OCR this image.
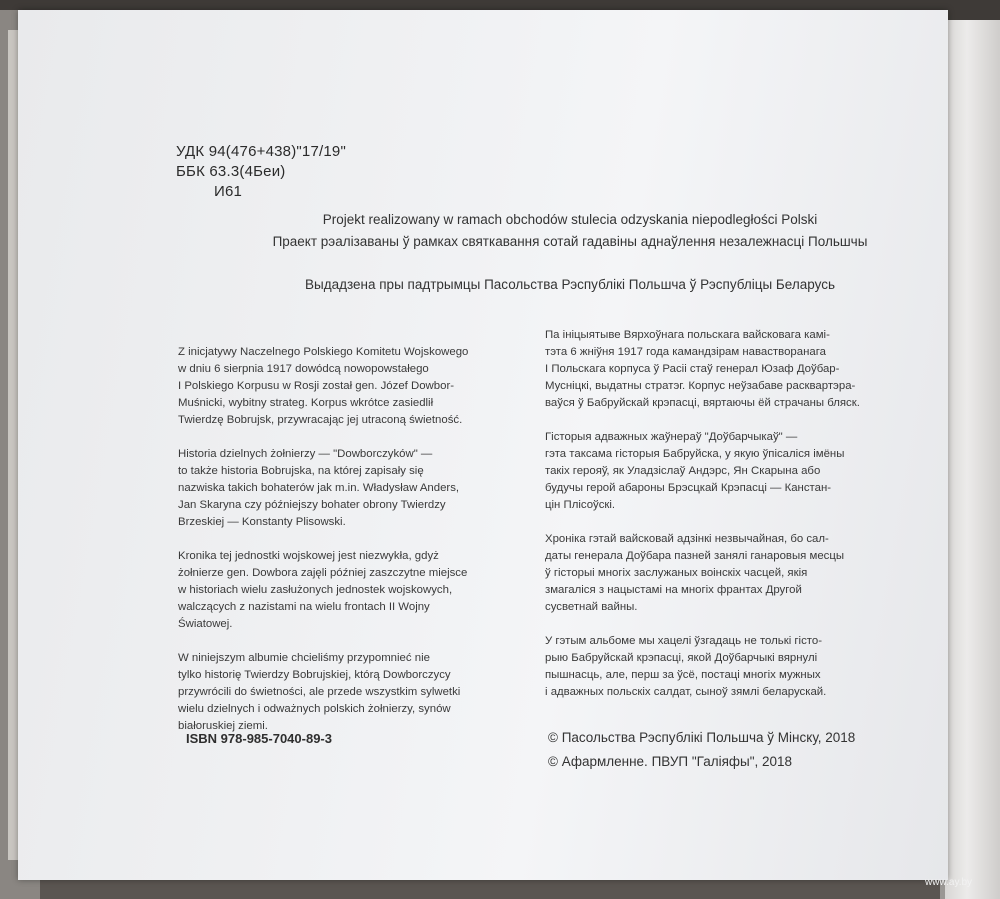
УДК 94(476+438)"17/19"
ББК 63.3(4Беи)
И61
Projekt realizowany w ramach obchodów stulecia odzyskania niepodległości Polski
Праект рэалізаваны ў рамках святкавання сотай гадавіны аднаўлення незалежнасці Польшчы
Выдадзена пры падтрымцы Пасольства Рэспублікі Польшча ў Рэспубліцы Беларусь

Z inicjatywy Naczelnego Polskiego Komitetu Wojskowego
w dniu 6 sierpnia 1917 dowódcą nowopowstałego
I Polskiego Korpusu w Rosji został gen. Józef Dowbor-
Muśnicki, wybitny strateg. Korpus wkrótce zasiedlił
Twierdzę Bobrujsk, przywracając jej utraconą świetność.

Historia dzielnych żołnierzy — "Dowborczyków" —
to także historia Bobrujska, na której zapisały się
nazwiska takich bohaterów jak m.in. Władysław Anders,
Jan Skaryna czy późniejszy bohater obrony Twierdzy
Brzeskiej — Konstanty Plisowski.

Kronika tej jednostki wojskowej jest niezwykła, gdyż
żołnierze gen. Dowbora zajęli później zaszczytne miejsce
w historiach wielu zasłużonych jednostek wojskowych,
walczących z nazistami na wielu frontach II Wojny
Światowej.

W niniejszym albumie chcieliśmy przypomnieć nie
tylko historię Twierdzy Bobrujskiej, którą Dowborczycy
przywrócili do świetności, ale przede wszystkim sylwetki
wielu dzielnych i odważnych polskich żołnierzy, synów
białoruskiej ziemi.

Па ініцыятыве Вярхоўнага польскага вайсковага камі-
тэта 6 жніўня 1917 года камандзірам наваствоpанага
I Польскага корпуса ў Расіі стаў генерал Юзаф Доўбар-
Мусніцкі, выдатны стратэг. Корпус неўзабаве расквартэра-
ваўся ў Бабруйскай крэпасці, вяртаючы ёй страчаны бляск.

Гісторыя адважных жаўнераў "Доўбарчыкаў" —
гэта таксама гісторыя Бабруйска, у якую ўпісаліся імёны
такіх герояў, як Уладзіслаў Андэрс, Ян Скарына або
будучы герой абароны Брэсцкай Крэпасці — Канстан-
цін Плісоўскі.

Хроніка гэтай вайсковай адзінкі незвычайная, бо сал-
даты генерала Доўбара пазней занялі ганаровыя месцы
ў гісторыі многіх заслужаных воінскіх часцей, якія
змагаліся з нацыстамі на многіх франтах Другой
сусветнай вайны.

У гэтым альбоме мы хацелі ўзгадаць не толькі гісто-
рыю Бабруйскай крэпасці, якой Доўбарчыкі вярнулі
пышнасць, але, перш за ўсё, постаці многіх мужных
і адважных польскіх салдат, сыноў зямлі беларускай.

ISBN 978-985-7040-89-3	© Пасольства Рэспублікі Польшча ў Мінску, 2018
© Афармленне. ПВУП "Галіяфы", 2018
www.ay.by
